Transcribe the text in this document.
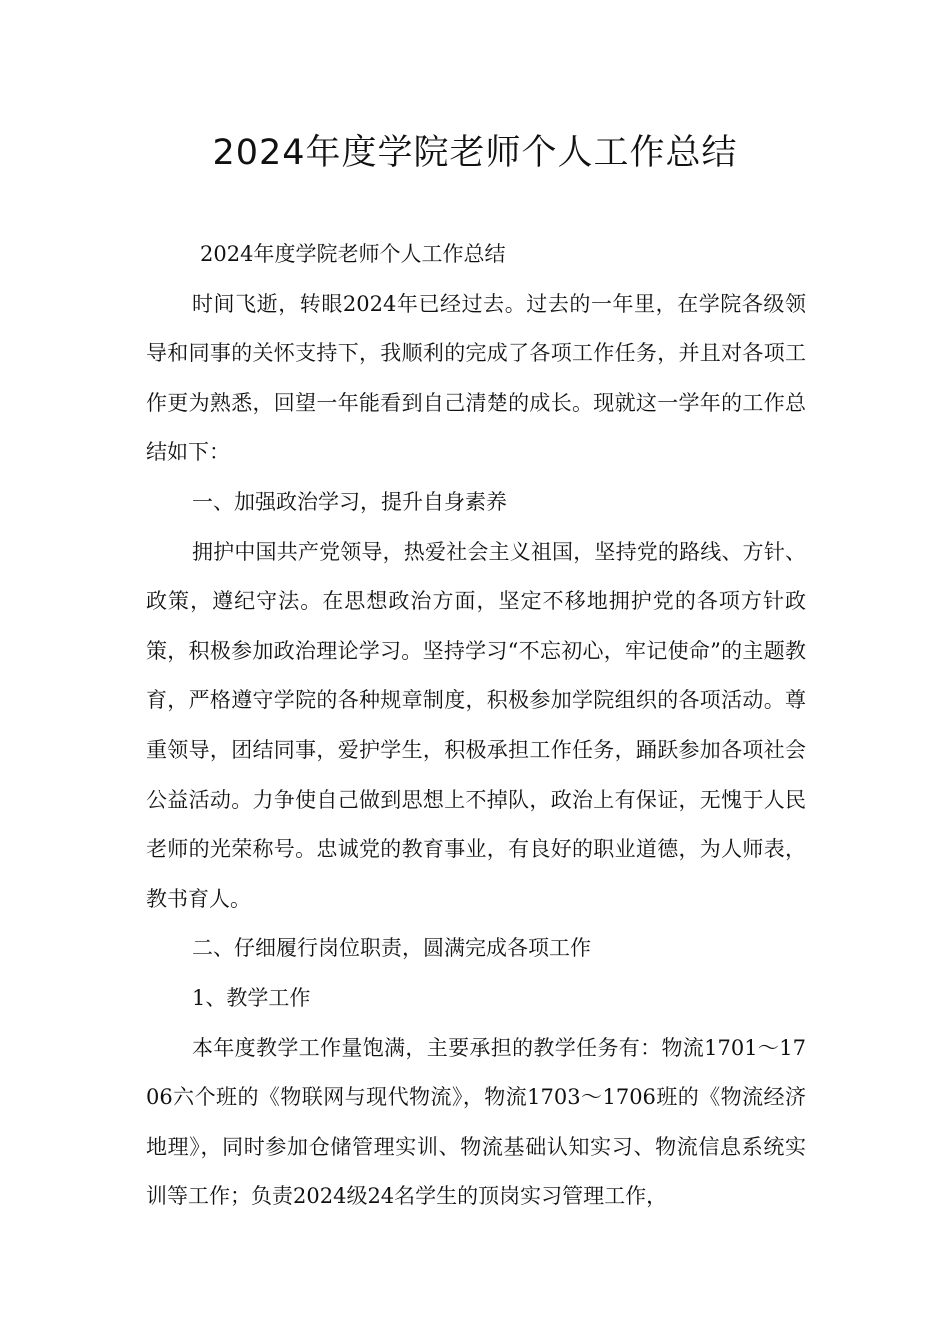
2024年度学院老师个人工作总结

2024年度学院老师个人工作总结

时间飞逝，转眼2024年已经过去。过去的一年里，在学院各级领导和同事的关怀支持下，我顺利的完成了各项工作任务，并且对各项工作更为熟悉，回望一年能看到自己清楚的成长。现就这一学年的工作总结如下：

一、加强政治学习，提升自身素养

拥护中国共产党领导，热爱社会主义祖国，坚持党的路线、方针、政策，遵纪守法。在思想政治方面，坚定不移地拥护党的各项方针政策，积极参加政治理论学习。坚持学习“不忘初心，牢记使命”的主题教育，严格遵守学院的各种规章制度，积极参加学院组织的各项活动。尊重领导，团结同事，爱护学生，积极承担工作任务，踊跃参加各项社会公益活动。力争使自己做到思想上不掉队，政治上有保证，无愧于人民老师的光荣称号。忠诚党的教育事业，有良好的职业道德，为人师表，教书育人。

二、仔细履行岗位职责，圆满完成各项工作

1、教学工作

本年度教学工作量饱满，主要承担的教学任务有：物流1701～1706六个班的《物联网与现代物流》，物流1703～1706班的《物流经济地理》，同时参加仓储管理实训、物流基础认知实习、物流信息系统实训等工作；负责2024级24名学生的顶岗实习管理工作，
